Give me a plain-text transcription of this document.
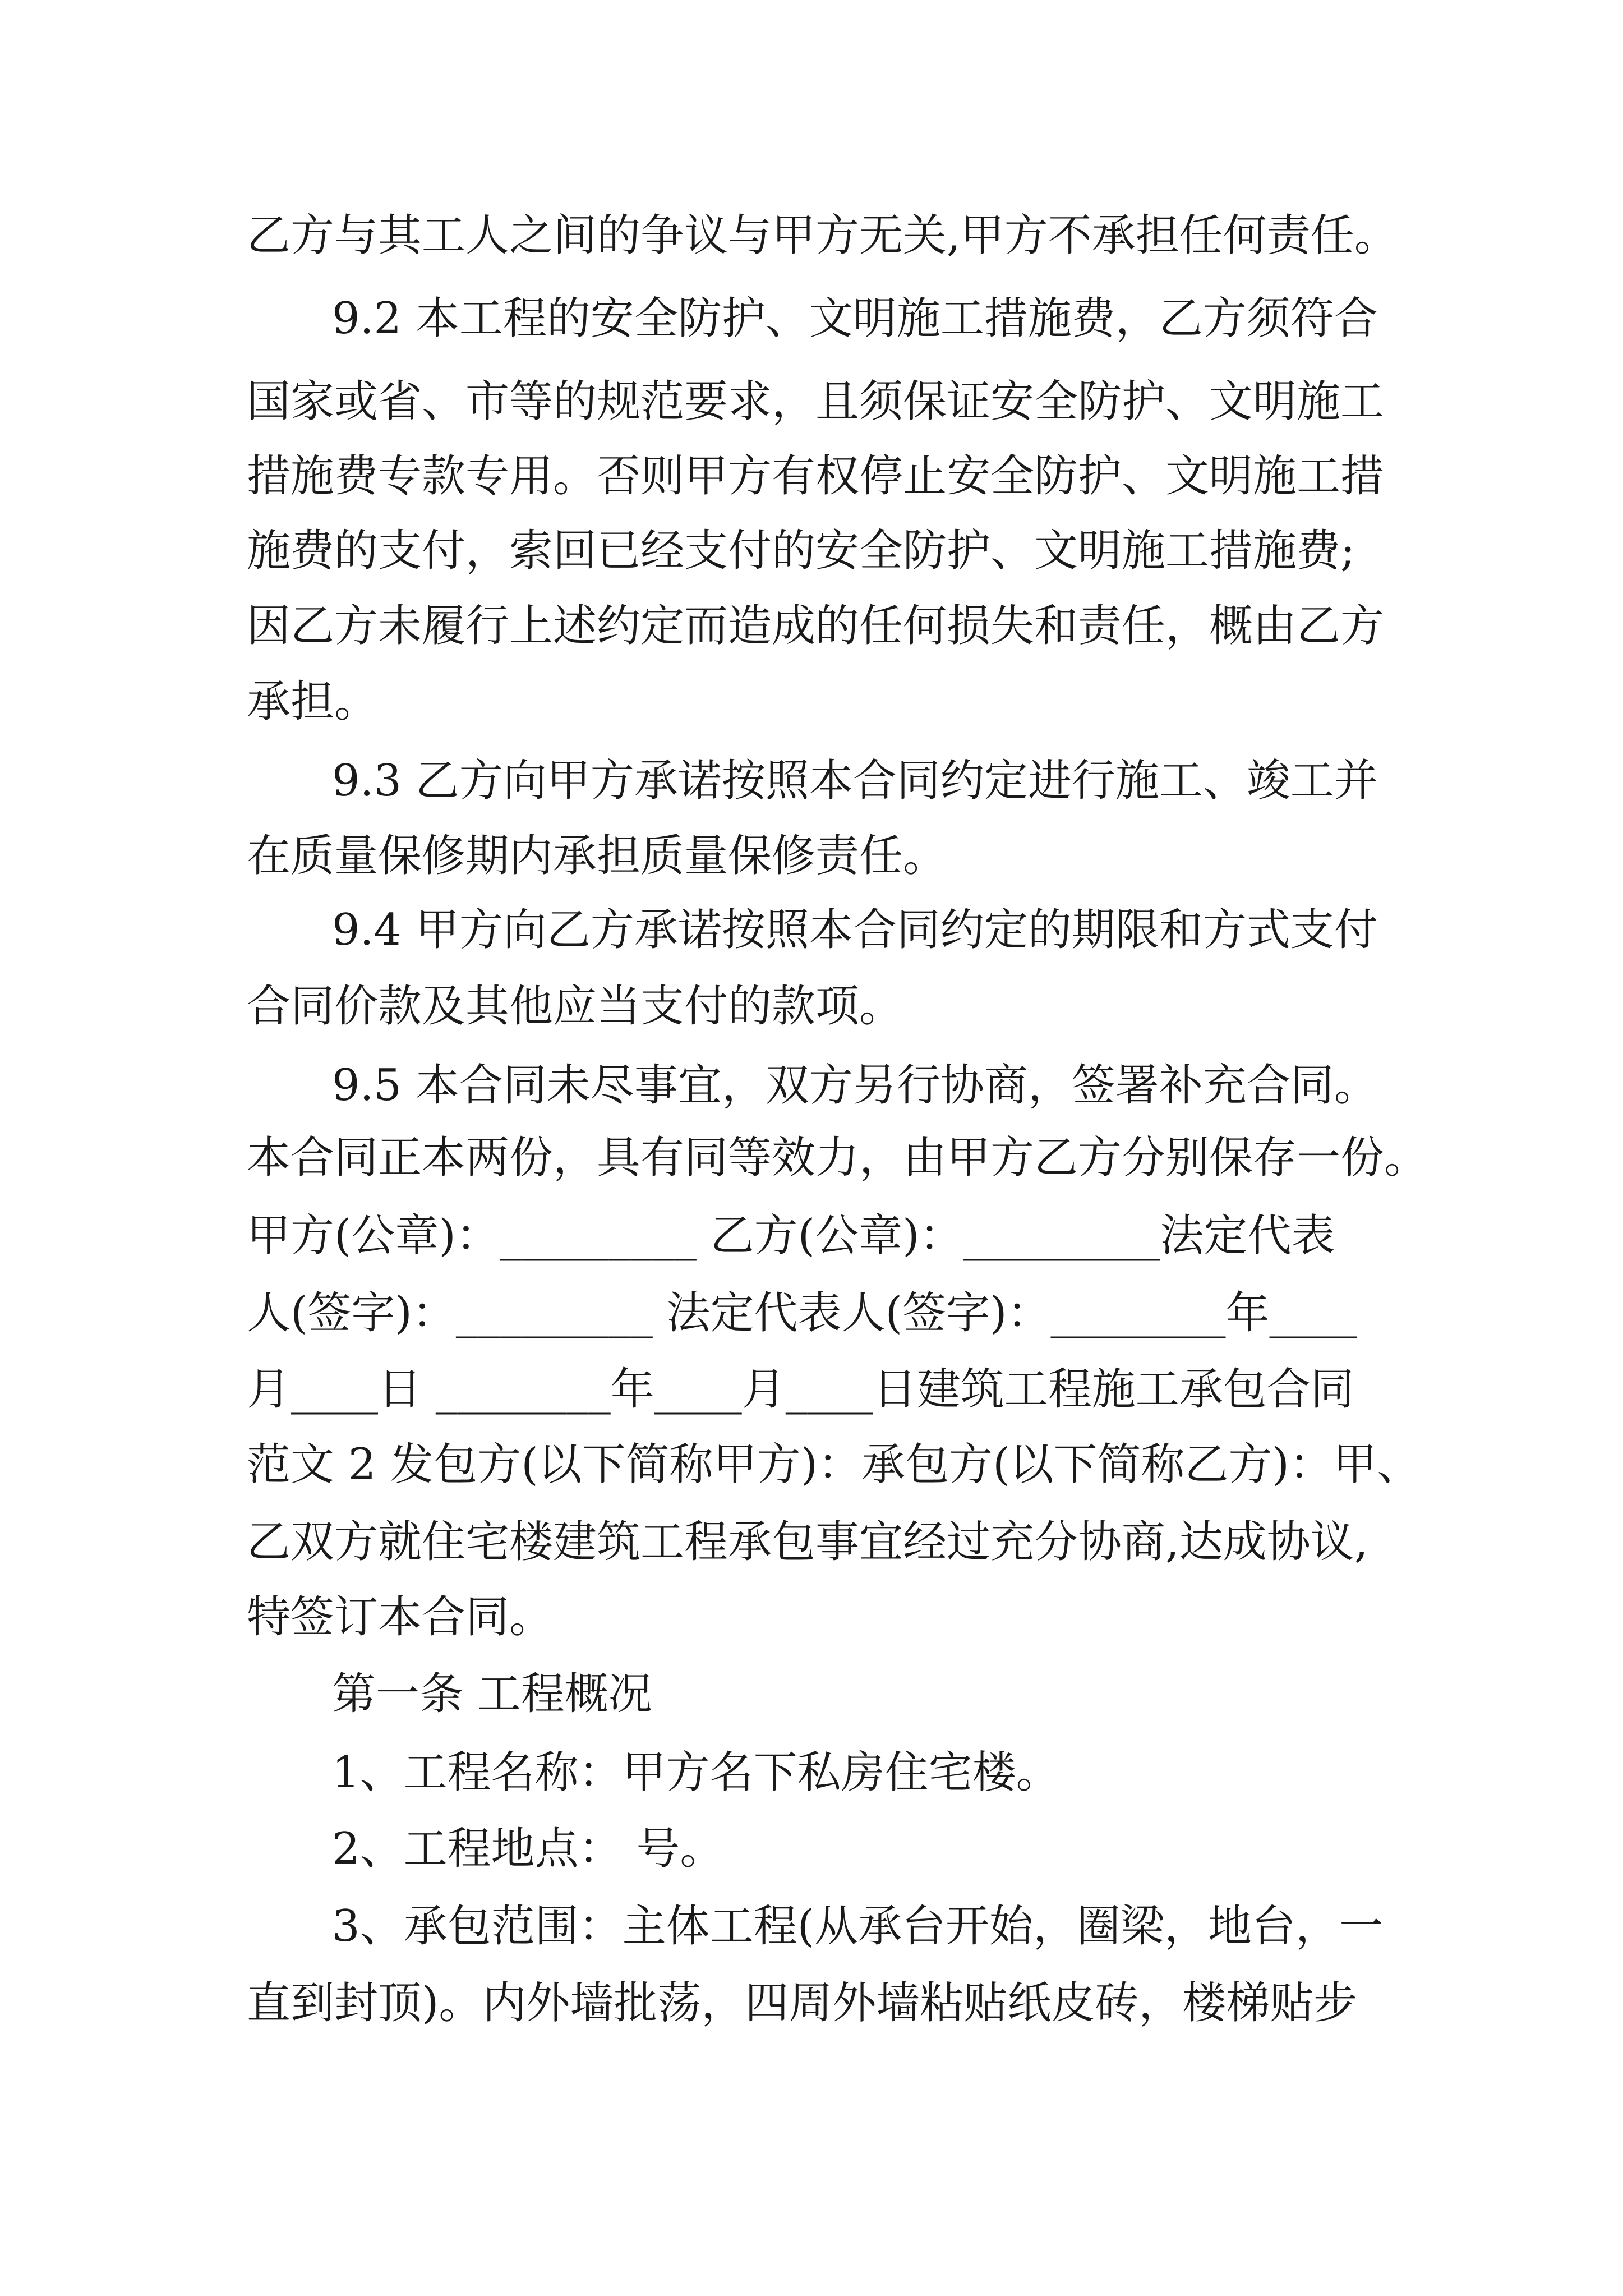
乙方与其工人之间的争议与甲方无关,甲方不承担任何责任。
9.2 本工程的安全防护、文明施工措施费，乙方须符合
国家或省、市等的规范要求，且须保证安全防护、文明施工
措施费专款专用。否则甲方有权停止安全防护、文明施工措
施费的支付，索回已经支付的安全防护、文明施工措施费;
因乙方未履行上述约定而造成的任何损失和责任，概由乙方
承担。
9.3 乙方向甲方承诺按照本合同约定进行施工、竣工并
在质量保修期内承担质量保修责任。
9.4 甲方向乙方承诺按照本合同约定的期限和方式支付
合同价款及其他应当支付的款项。
9.5 本合同未尽事宜，双方另行协商，签署补充合同。
本合同正本两份，具有同等效力，由甲方乙方分别保存一份。
甲方(公章)：_________ 乙方(公章)：_________法定代表
人(签字)：_________ 法定代表人(签字)：________年____
月____日 ________年____月____日建筑工程施工承包合同
范文 2 发包方(以下简称甲方)：承包方(以下简称乙方)：甲、
乙双方就住宅楼建筑工程承包事宜经过充分协商,达成协议,
特签订本合同。
第一条 工程概况
1、工程名称：甲方名下私房住宅楼。
2、工程地点： 号。
3、承包范围：主体工程(从承台开始，圈梁，地台，一
直到封顶)。内外墙批荡，四周外墙粘贴纸皮砖，楼梯贴步
